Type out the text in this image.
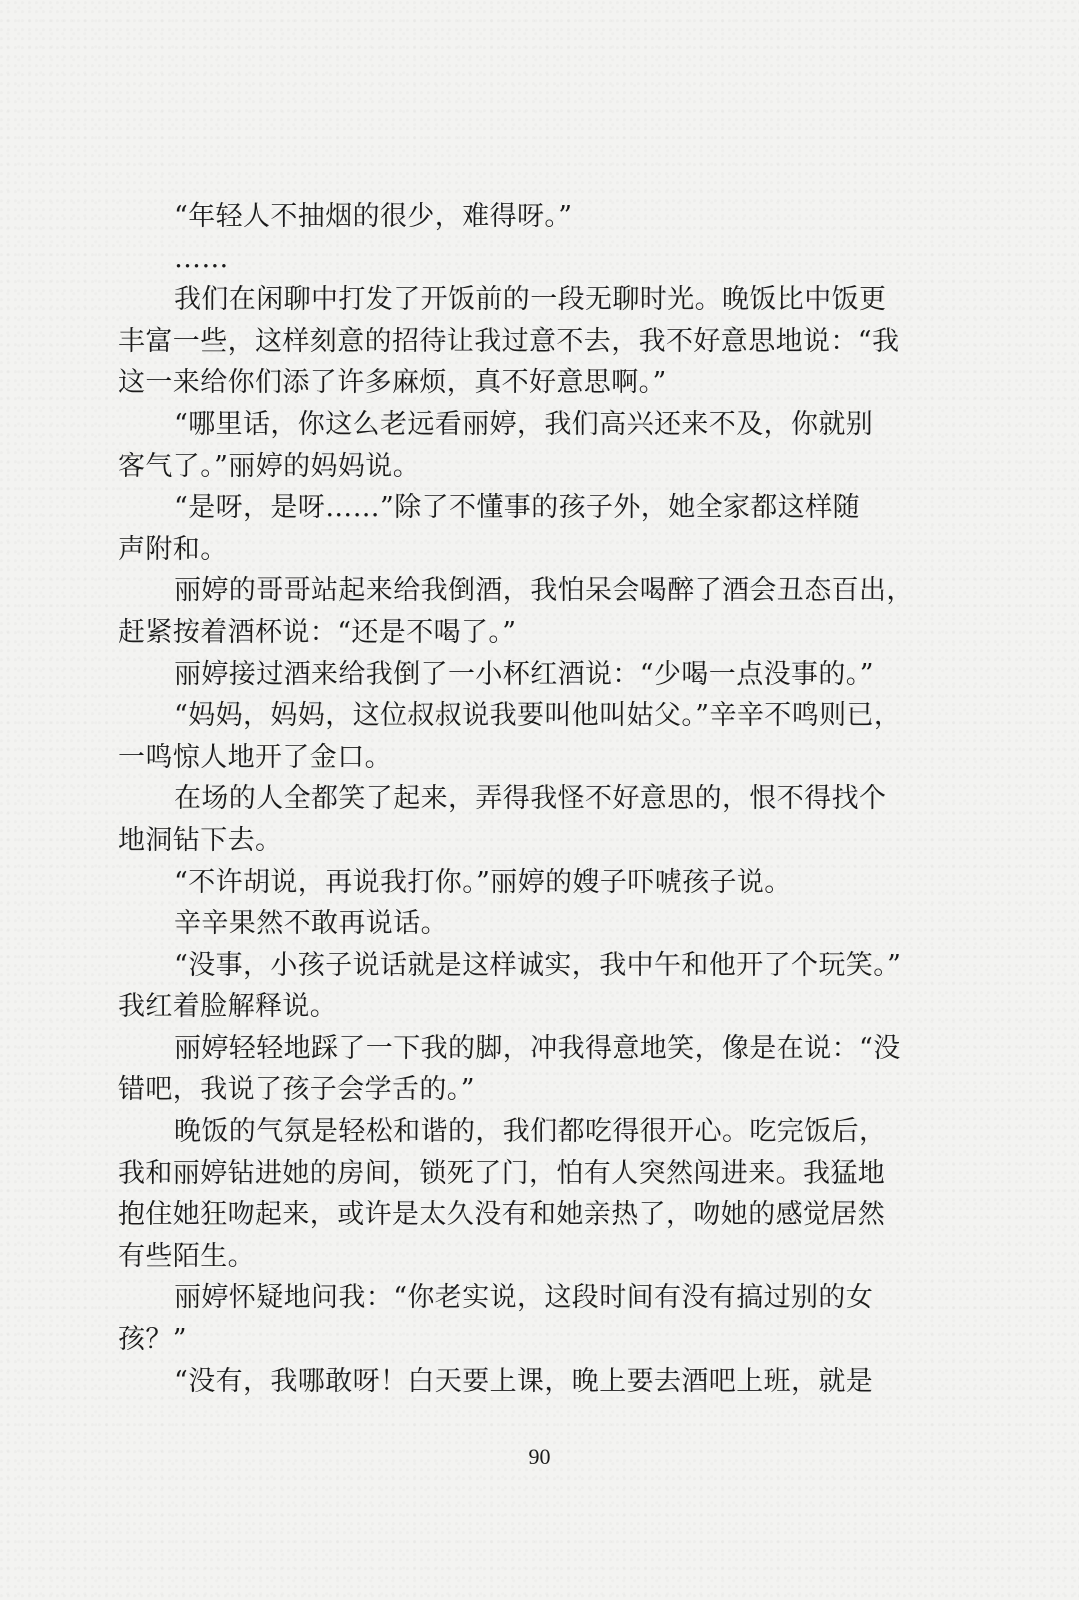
“年轻人不抽烟的很少，难得呀。”
……
我们在闲聊中打发了开饭前的一段无聊时光。晚饭比中饭更
丰富一些，这样刻意的招待让我过意不去，我不好意思地说：“我
这一来给你们添了许多麻烦，真不好意思啊。”
“哪里话，你这么老远看丽婷，我们高兴还来不及，你就别
客气了。”丽婷的妈妈说。
“是呀，是呀……”除了不懂事的孩子外，她全家都这样随
声附和。
丽婷的哥哥站起来给我倒酒，我怕呆会喝醉了酒会丑态百出，
赶紧按着酒杯说：“还是不喝了。”
丽婷接过酒来给我倒了一小杯红酒说：“少喝一点没事的。”
“妈妈，妈妈，这位叔叔说我要叫他叫姑父。”辛辛不鸣则已，
一鸣惊人地开了金口。
在场的人全都笑了起来，弄得我怪不好意思的，恨不得找个
地洞钻下去。
“不许胡说，再说我打你。”丽婷的嫂子吓唬孩子说。
辛辛果然不敢再说话。
“没事，小孩子说话就是这样诚实，我中午和他开了个玩笑。”
我红着脸解释说。
丽婷轻轻地踩了一下我的脚，冲我得意地笑，像是在说：“没
错吧，我说了孩子会学舌的。”
晚饭的气氛是轻松和谐的，我们都吃得很开心。吃完饭后，
我和丽婷钻进她的房间，锁死了门，怕有人突然闯进来。我猛地
抱住她狂吻起来，或许是太久没有和她亲热了，吻她的感觉居然
有些陌生。
丽婷怀疑地问我：“你老实说，这段时间有没有搞过别的女
孩？”
“没有，我哪敢呀！白天要上课，晚上要去酒吧上班，就是
90
